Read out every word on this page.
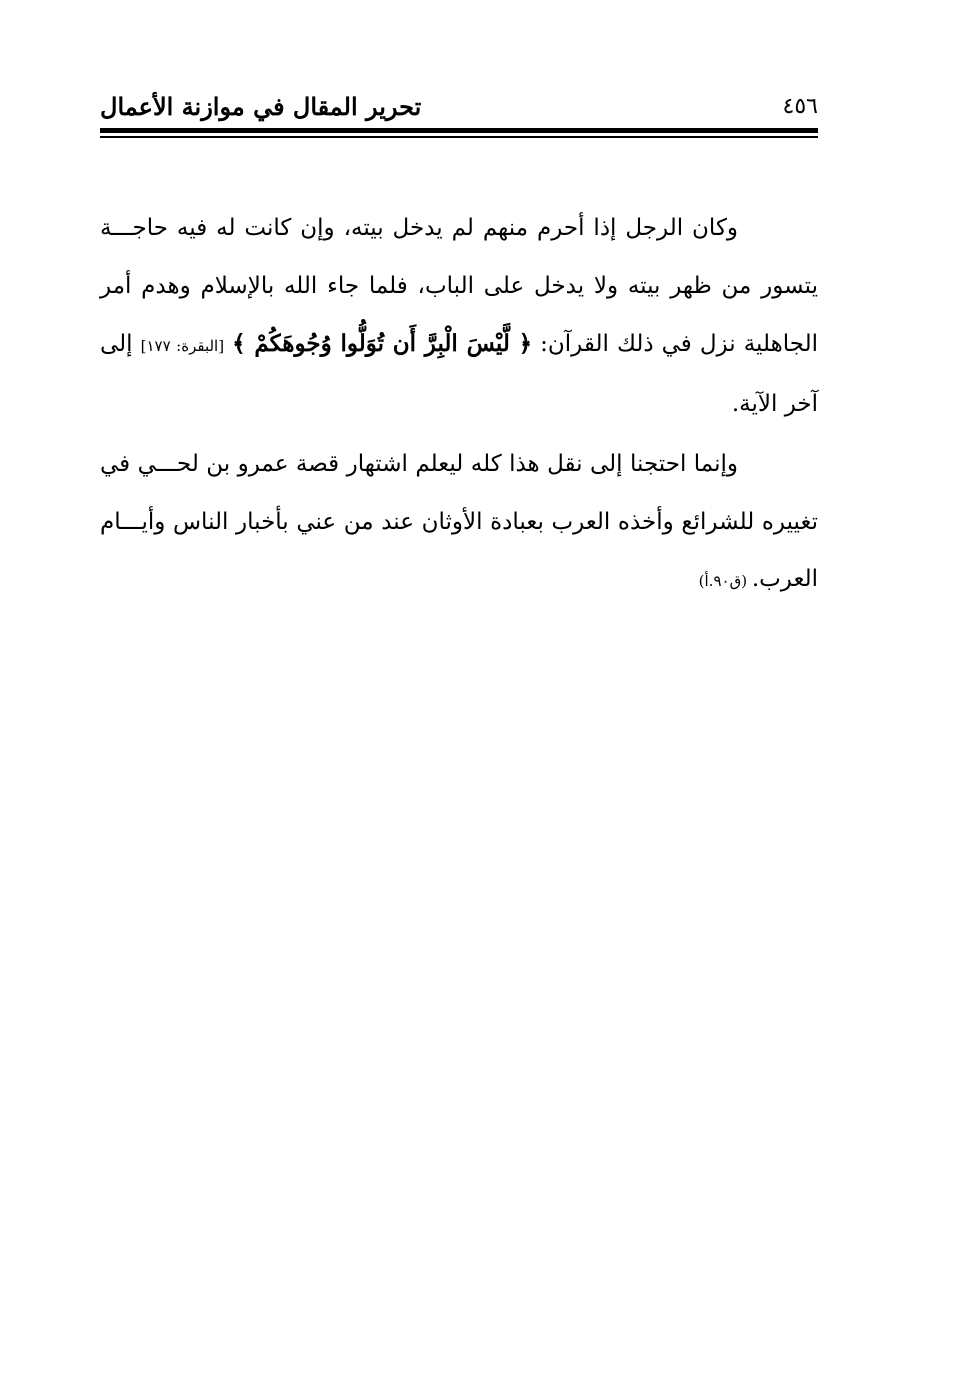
٤٥٦
تحرير المقال في موازنة الأعمال

وكان الرجل إذا أحرم منهم لم يدخل بيته، وإن كانت له فيه حاجـــة يتسور من ظهر بيته ولا يدخل على الباب، فلما جاء الله بالإسلام وهدم أمر الجاهلية نزل في ذلك القرآن: ﴿ لَّيْسَ الْبِرَّ أَن تُوَلُّوا وُجُوهَكُمْ ﴾ [البقرة: ١٧٧] إلى آخر الآية.

وإنما احتجنا إلى نقل هذا كله ليعلم اشتهار قصة عمرو بن لحـــي في تغييره للشرائع وأخذه العرب بعبادة الأوثان عند من عني بأخبار الناس وأيـــام العرب. (ق٩٠.أ)
